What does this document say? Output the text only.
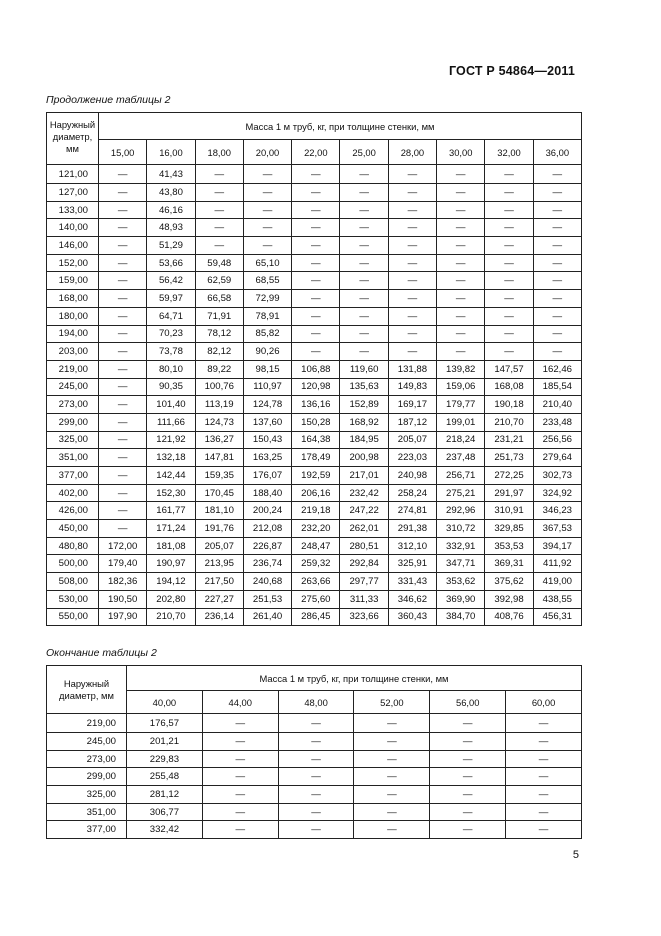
ГОСТ Р 54864—2011
Продолжение таблицы 2
Наружный диаметр, мм	Масса 1 м труб, кг, при толщине стенки, мм									
	15,00	16,00	18,00	20,00	22,00	25,00	28,00	30,00	32,00	36,00
121,00	—	41,43	—	—	—	—	—	—	—	—
127,00	—	43,80	—	—	—	—	—	—	—	—
133,00	—	46,16	—	—	—	—	—	—	—	—
140,00	—	48,93	—	—	—	—	—	—	—	—
146,00	—	51,29	—	—	—	—	—	—	—	—
152,00	—	53,66	59,48	65,10	—	—	—	—	—	—
159,00	—	56,42	62,59	68,55	—	—	—	—	—	—
168,00	—	59,97	66,58	72,99	—	—	—	—	—	—
180,00	—	64,71	71,91	78,91	—	—	—	—	—	—
194,00	—	70,23	78,12	85,82	—	—	—	—	—	—
203,00	—	73,78	82,12	90,26	—	—	—	—	—	—
219,00	—	80,10	89,22	98,15	106,88	119,60	131,88	139,82	147,57	162,46
245,00	—	90,35	100,76	110,97	120,98	135,63	149,83	159,06	168,08	185,54
273,00	—	101,40	113,19	124,78	136,16	152,89	169,17	179,77	190,18	210,40
299,00	—	111,66	124,73	137,60	150,28	168,92	187,12	199,01	210,70	233,48
325,00	—	121,92	136,27	150,43	164,38	184,95	205,07	218,24	231,21	256,56
351,00	—	132,18	147,81	163,25	178,49	200,98	223,03	237,48	251,73	279,64
377,00	—	142,44	159,35	176,07	192,59	217,01	240,98	256,71	272,25	302,73
402,00	—	152,30	170,45	188,40	206,16	232,42	258,24	275,21	291,97	324,92
426,00	—	161,77	181,10	200,24	219,18	247,22	274,81	292,96	310,91	346,23
450,00	—	171,24	191,76	212,08	232,20	262,01	291,38	310,72	329,85	367,53
480,80	172,00	181,08	205,07	226,87	248,47	280,51	312,10	332,91	353,53	394,17
500,00	179,40	190,97	213,95	236,74	259,32	292,84	325,91	347,71	369,31	411,92
508,00	182,36	194,12	217,50	240,68	263,66	297,77	331,43	353,62	375,62	419,00
530,00	190,50	202,80	227,27	251,53	275,60	311,33	346,62	369,90	392,98	438,55
550,00	197,90	210,70	236,14	261,40	286,45	323,66	360,43	384,70	408,76	456,31
Окончание таблицы 2
Наружный диаметр, мм	Масса 1 м труб, кг, при толщине стенки, мм					
	40,00	44,00	48,00	52,00	56,00	60,00
219,00	176,57	—	—	—	—	—
245,00	201,21	—	—	—	—	—
273,00	229,83	—	—	—	—	—
299,00	255,48	—	—	—	—	—
325,00	281,12	—	—	—	—	—
351,00	306,77	—	—	—	—	—
377,00	332,42	—	—	—	—	—
5
